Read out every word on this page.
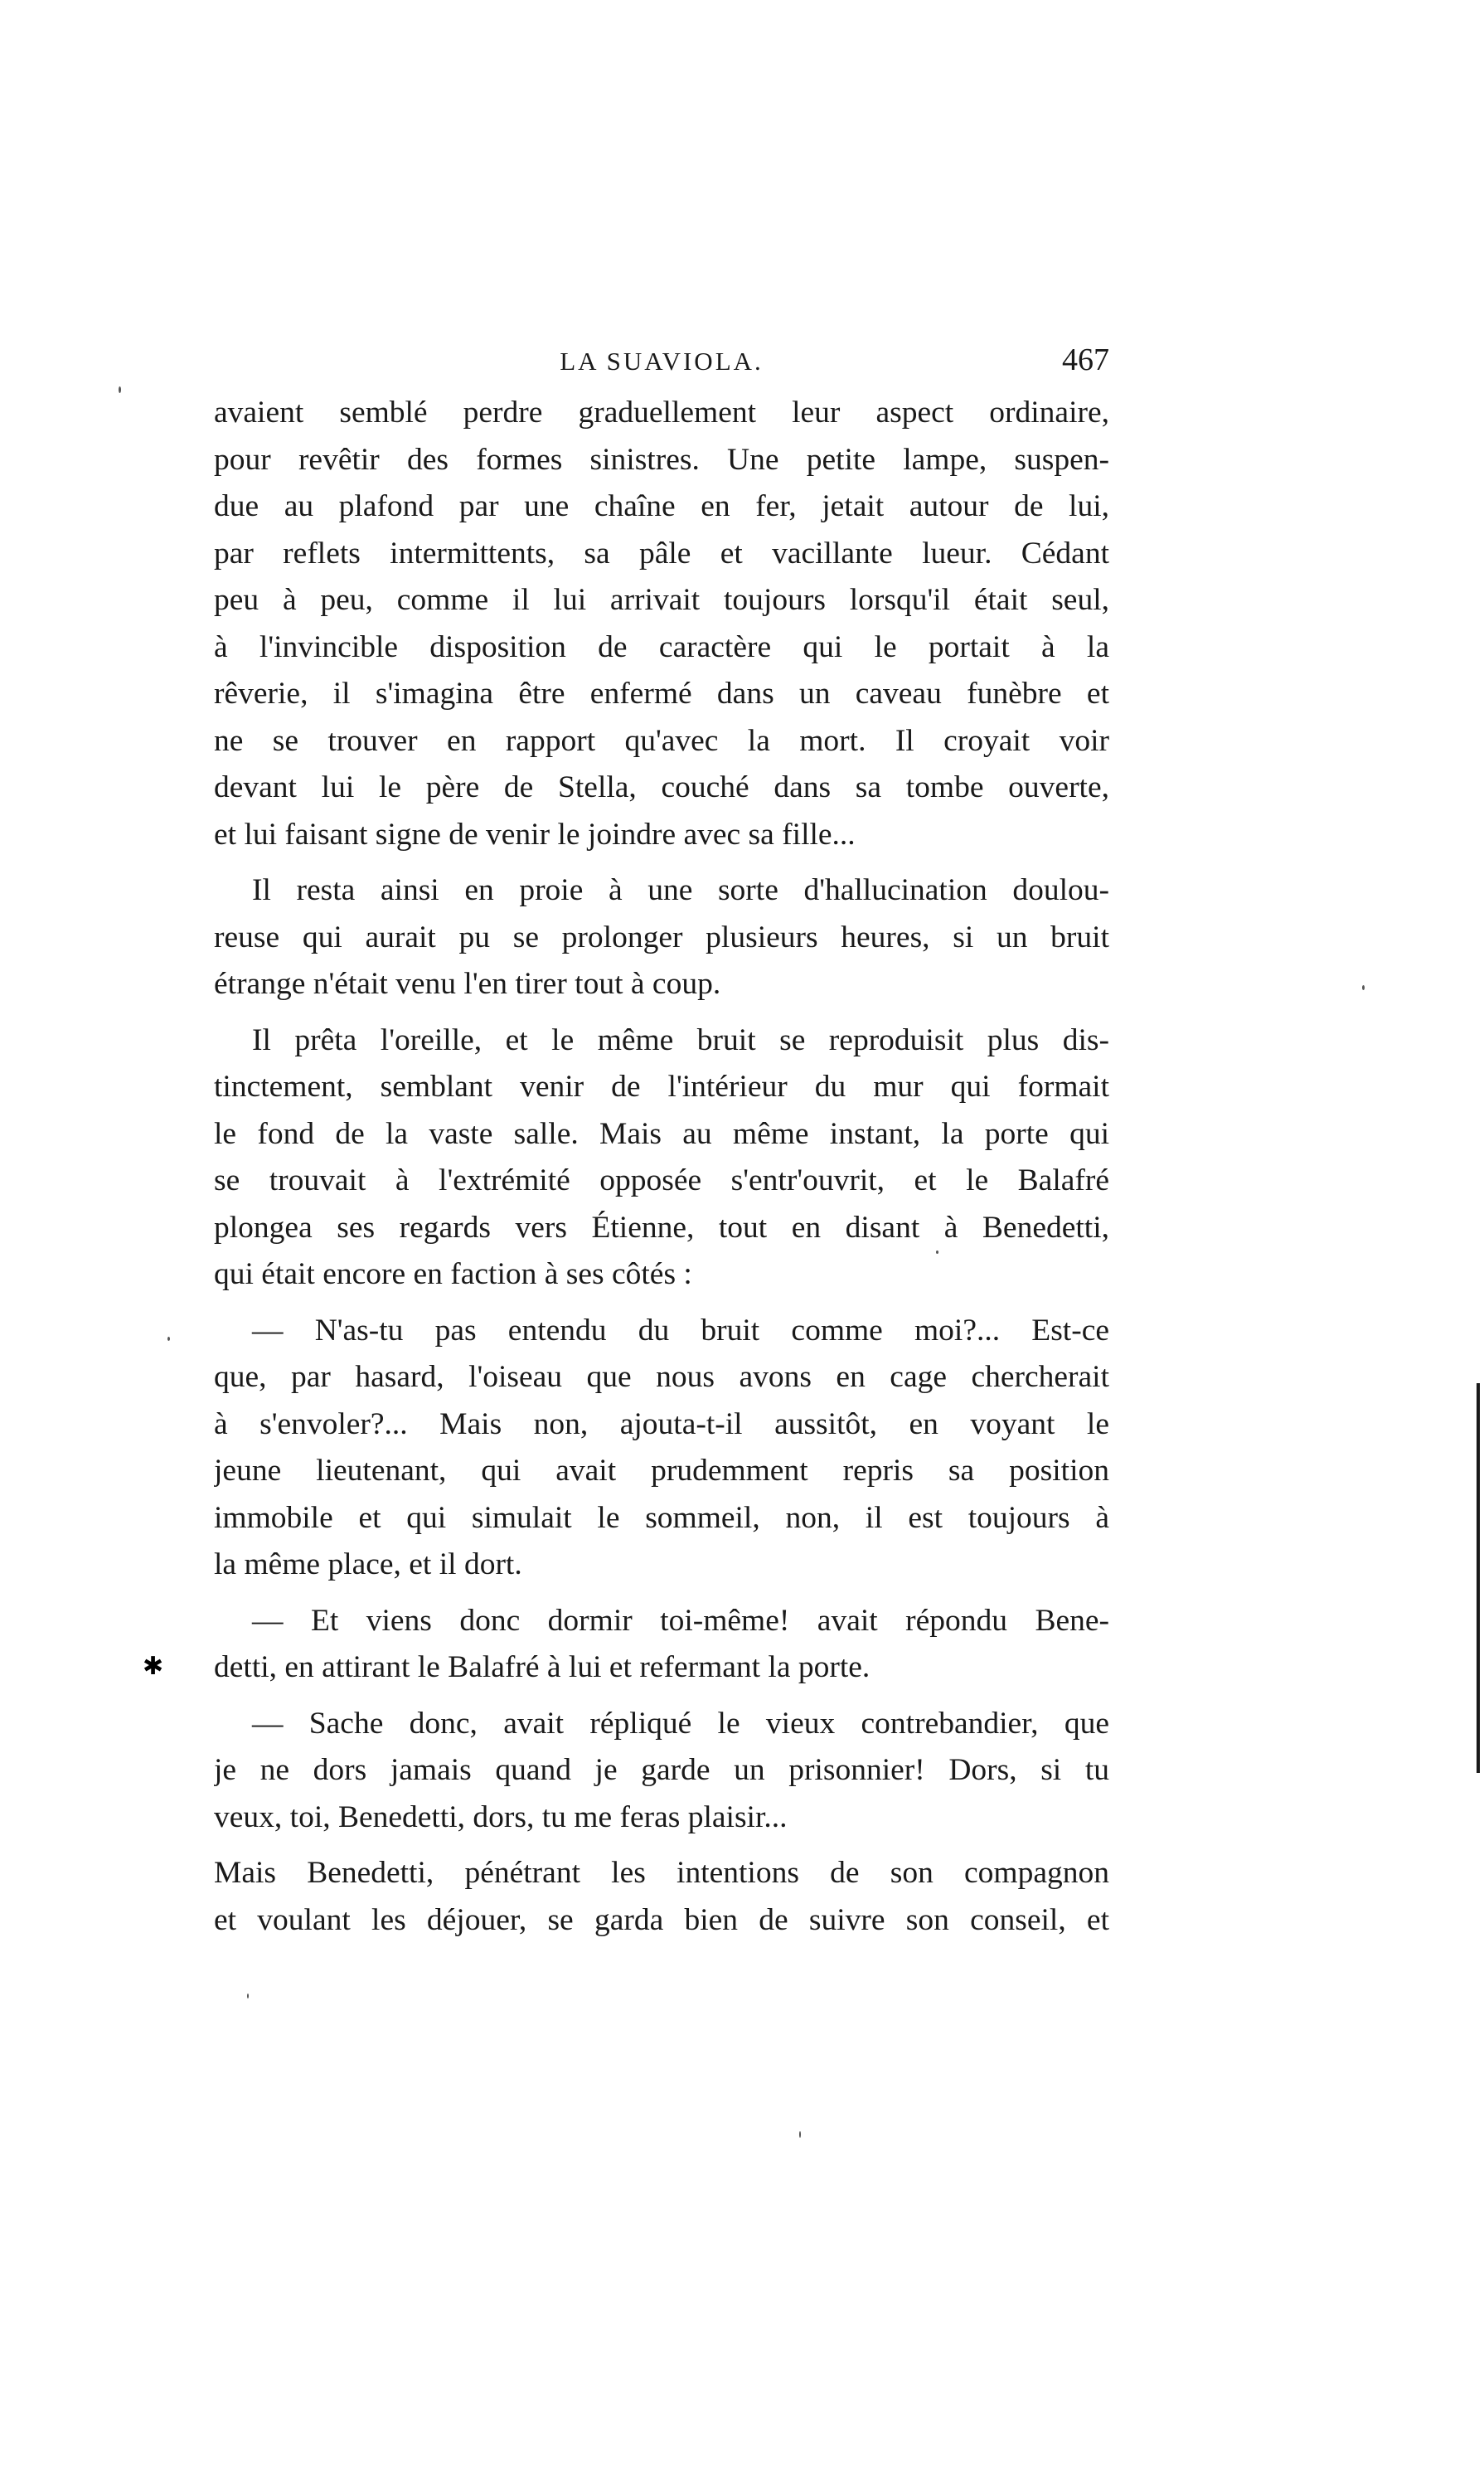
LA SUAVIOLA.	467
avaient semblé perdre graduellement leur aspect ordinaire,
pour revêtir des formes sinistres. Une petite lampe, suspen-
due au plafond par une chaîne en fer, jetait autour de lui,
par reflets intermittents, sa pâle et vacillante lueur. Cédant
peu à peu, comme il lui arrivait toujours lorsqu'il était seul,
à l'invincible disposition de caractère qui le portait à la
rêverie, il s'imagina être enfermé dans un caveau funèbre et
ne se trouver en rapport qu'avec la mort. Il croyait voir
devant lui le père de Stella, couché dans sa tombe ouverte,
et lui faisant signe de venir le joindre avec sa fille...
Il resta ainsi en proie à une sorte d'hallucination doulou-
reuse qui aurait pu se prolonger plusieurs heures, si un bruit
étrange n'était venu l'en tirer tout à coup.
Il prêta l'oreille, et le même bruit se reproduisit plus dis-
tinctement, semblant venir de l'intérieur du mur qui formait
le fond de la vaste salle. Mais au même instant, la porte qui
se trouvait à l'extrémité opposée s'entr'ouvrit, et le Balafré
plongea ses regards vers Étienne, tout en disant à Benedetti,
qui était encore en faction à ses côtés :
— N'as-tu pas entendu du bruit comme moi?... Est-ce
que, par hasard, l'oiseau que nous avons en cage chercherait
à s'envoler?... Mais non, ajouta-t-il aussitôt, en voyant le
jeune lieutenant, qui avait prudemment repris sa position
immobile et qui simulait le sommeil, non, il est toujours à
la même place, et il dort.
— Et viens donc dormir toi-même! avait répondu Bene-
detti, en attirant le Balafré à lui et refermant la porte.
— Sache donc, avait répliqué le vieux contrebandier, que
je ne dors jamais quand je garde un prisonnier! Dors, si tu
veux, toi, Benedetti, dors, tu me feras plaisir...
Mais Benedetti, pénétrant les intentions de son compagnon
et voulant les déjouer, se garda bien de suivre son conseil, et
✱
